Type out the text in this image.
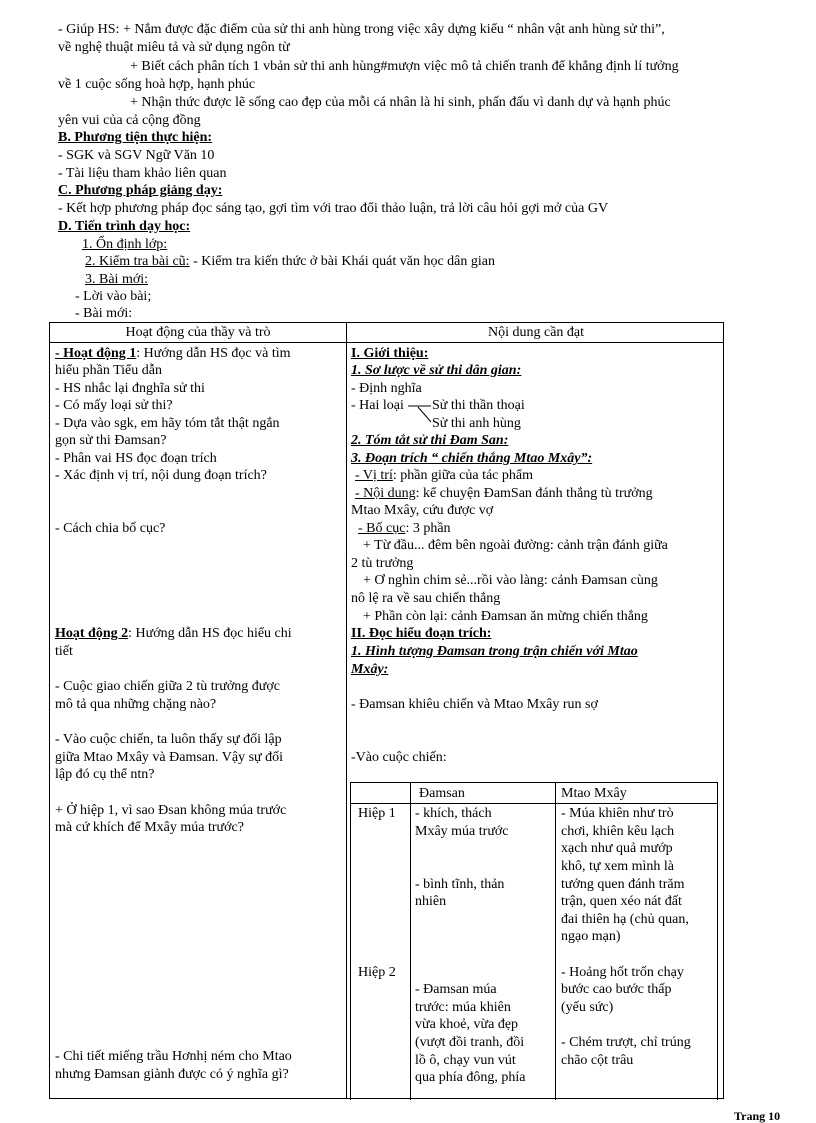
- Giúp HS: + Nắm được đặc điểm của sử thi anh hùng trong việc xây dựng kiểu “ nhân vật anh hùng sử thi”,
về nghệ thuật miêu tả và sử dụng ngôn từ
+ Biết cách phân tích 1 vbản sử thi anh hùng#mượn việc mô tả chiến tranh để khẳng định lí tưởng
về 1 cuộc sống hoà hợp, hạnh phúc
+ Nhận thức được lẽ sống cao đẹp của mỗi cá nhân là hi sinh, phấn đấu vì danh dự và hạnh phúc
yên vui của cả cộng đồng
B. Phương tiện thực hiện:
- SGK và SGV Ngữ Văn 10
- Tài liệu tham khảo liên quan
C. Phương pháp giảng dạy:
- Kết hợp phương pháp đọc sáng tạo, gợi tìm với trao đổi thảo luận, trả lời câu hỏi gợi mở của GV
D. Tiến trình dạy học:
1. Ổn định lớp:
2. Kiểm tra bài cũ: - Kiểm tra kiến thức ở bài Khái quát văn học dân gian
3. Bài mới:
- Lời vào bài;
- Bài mới:
Hoạt động của thầy và trò	Nội dung cần đạt
- Hoạt động 1: Hướng dẫn HS đọc và tìm
hiểu phần Tiểu dẫn
- HS nhắc lại đnghĩa sử thi
- Có mấy loại sử thi?
- Dựa vào sgk, em hãy tóm tắt thật ngắn
gọn sử thi Đamsan?
- Phân vai HS đọc đoạn trích
- Xác định vị trí, nội dung đoạn trích?
- Cách chia bố cục?
Hoạt động 2: Hướng dẫn HS đọc hiểu chi
tiết
- Cuộc giao chiến giữa 2 tù trưởng được
mô tả qua những chặng nào?
- Vào cuộc chiến, ta luôn thấy sự đối lập
giữa Mtao Mxây và Đamsan. Vậy sự đối
lập đó cụ thể ntn?
+ Ở hiệp 1, vì sao Đsan không múa trước
mà cứ khích để Mxây múa trước?
- Chi tiết miếng trầu Hơnhị ném cho Mtao
nhưng Đamsan giành được có ý nghĩa gì?
I. Giới thiệu:
1. Sơ lược về sử thi dân gian:
- Định nghĩa
- Hai loại Sử thi thần thoại
Sử thi anh hùng
2. Tóm tắt sử thi Đam San:
3. Đoạn trích “ chiến thắng Mtao Mxây”:
- Vị trí: phần giữa của tác phẩm
- Nội dung: kể chuyện ĐamSan đánh thắng tù trưởng
Mtao Mxây, cứu được vợ
- Bố cục: 3 phần
+ Từ đầu... đêm bên ngoài đường: cảnh trận đánh giữa
2 tù trưởng
+ Ơ nghìn chim sẻ...rồi vào làng: cảnh Đamsan cùng
nô lệ ra về sau chiến thắng
+ Phần còn lại: cảnh Đamsan ăn mừng chiến thắng
II. Đọc hiểu đoạn trích:
1. Hình tượng Đamsan trong trận chiến với Mtao
Mxây:
- Đamsan khiêu chiến và Mtao Mxây run sợ
-Vào cuộc chiến:
Đamsan	Mtao Mxây
Hiệp 1 - khích, thách
Mxây múa trước
- bình tĩnh, thản
nhiên
- Múa khiên như trò
chơi, khiên kêu lạch
xạch như quả mướp
khô, tự xem mình là
tướng quen đánh trăm
trận, quen xéo nát đất
đai thiên hạ (chủ quan,
ngạo mạn)
Hiệp 2
- Đamsan múa
trước: múa khiên
vừa khoẻ, vừa đẹp
(vượt đồi tranh, đồi
lồ ô, chạy vun vút
qua phía đông, phía
- Hoảng hốt trốn chạy
bước cao bước thấp
(yếu sức)
- Chém trượt, chỉ trúng
chão cột trâu
Trang 10
